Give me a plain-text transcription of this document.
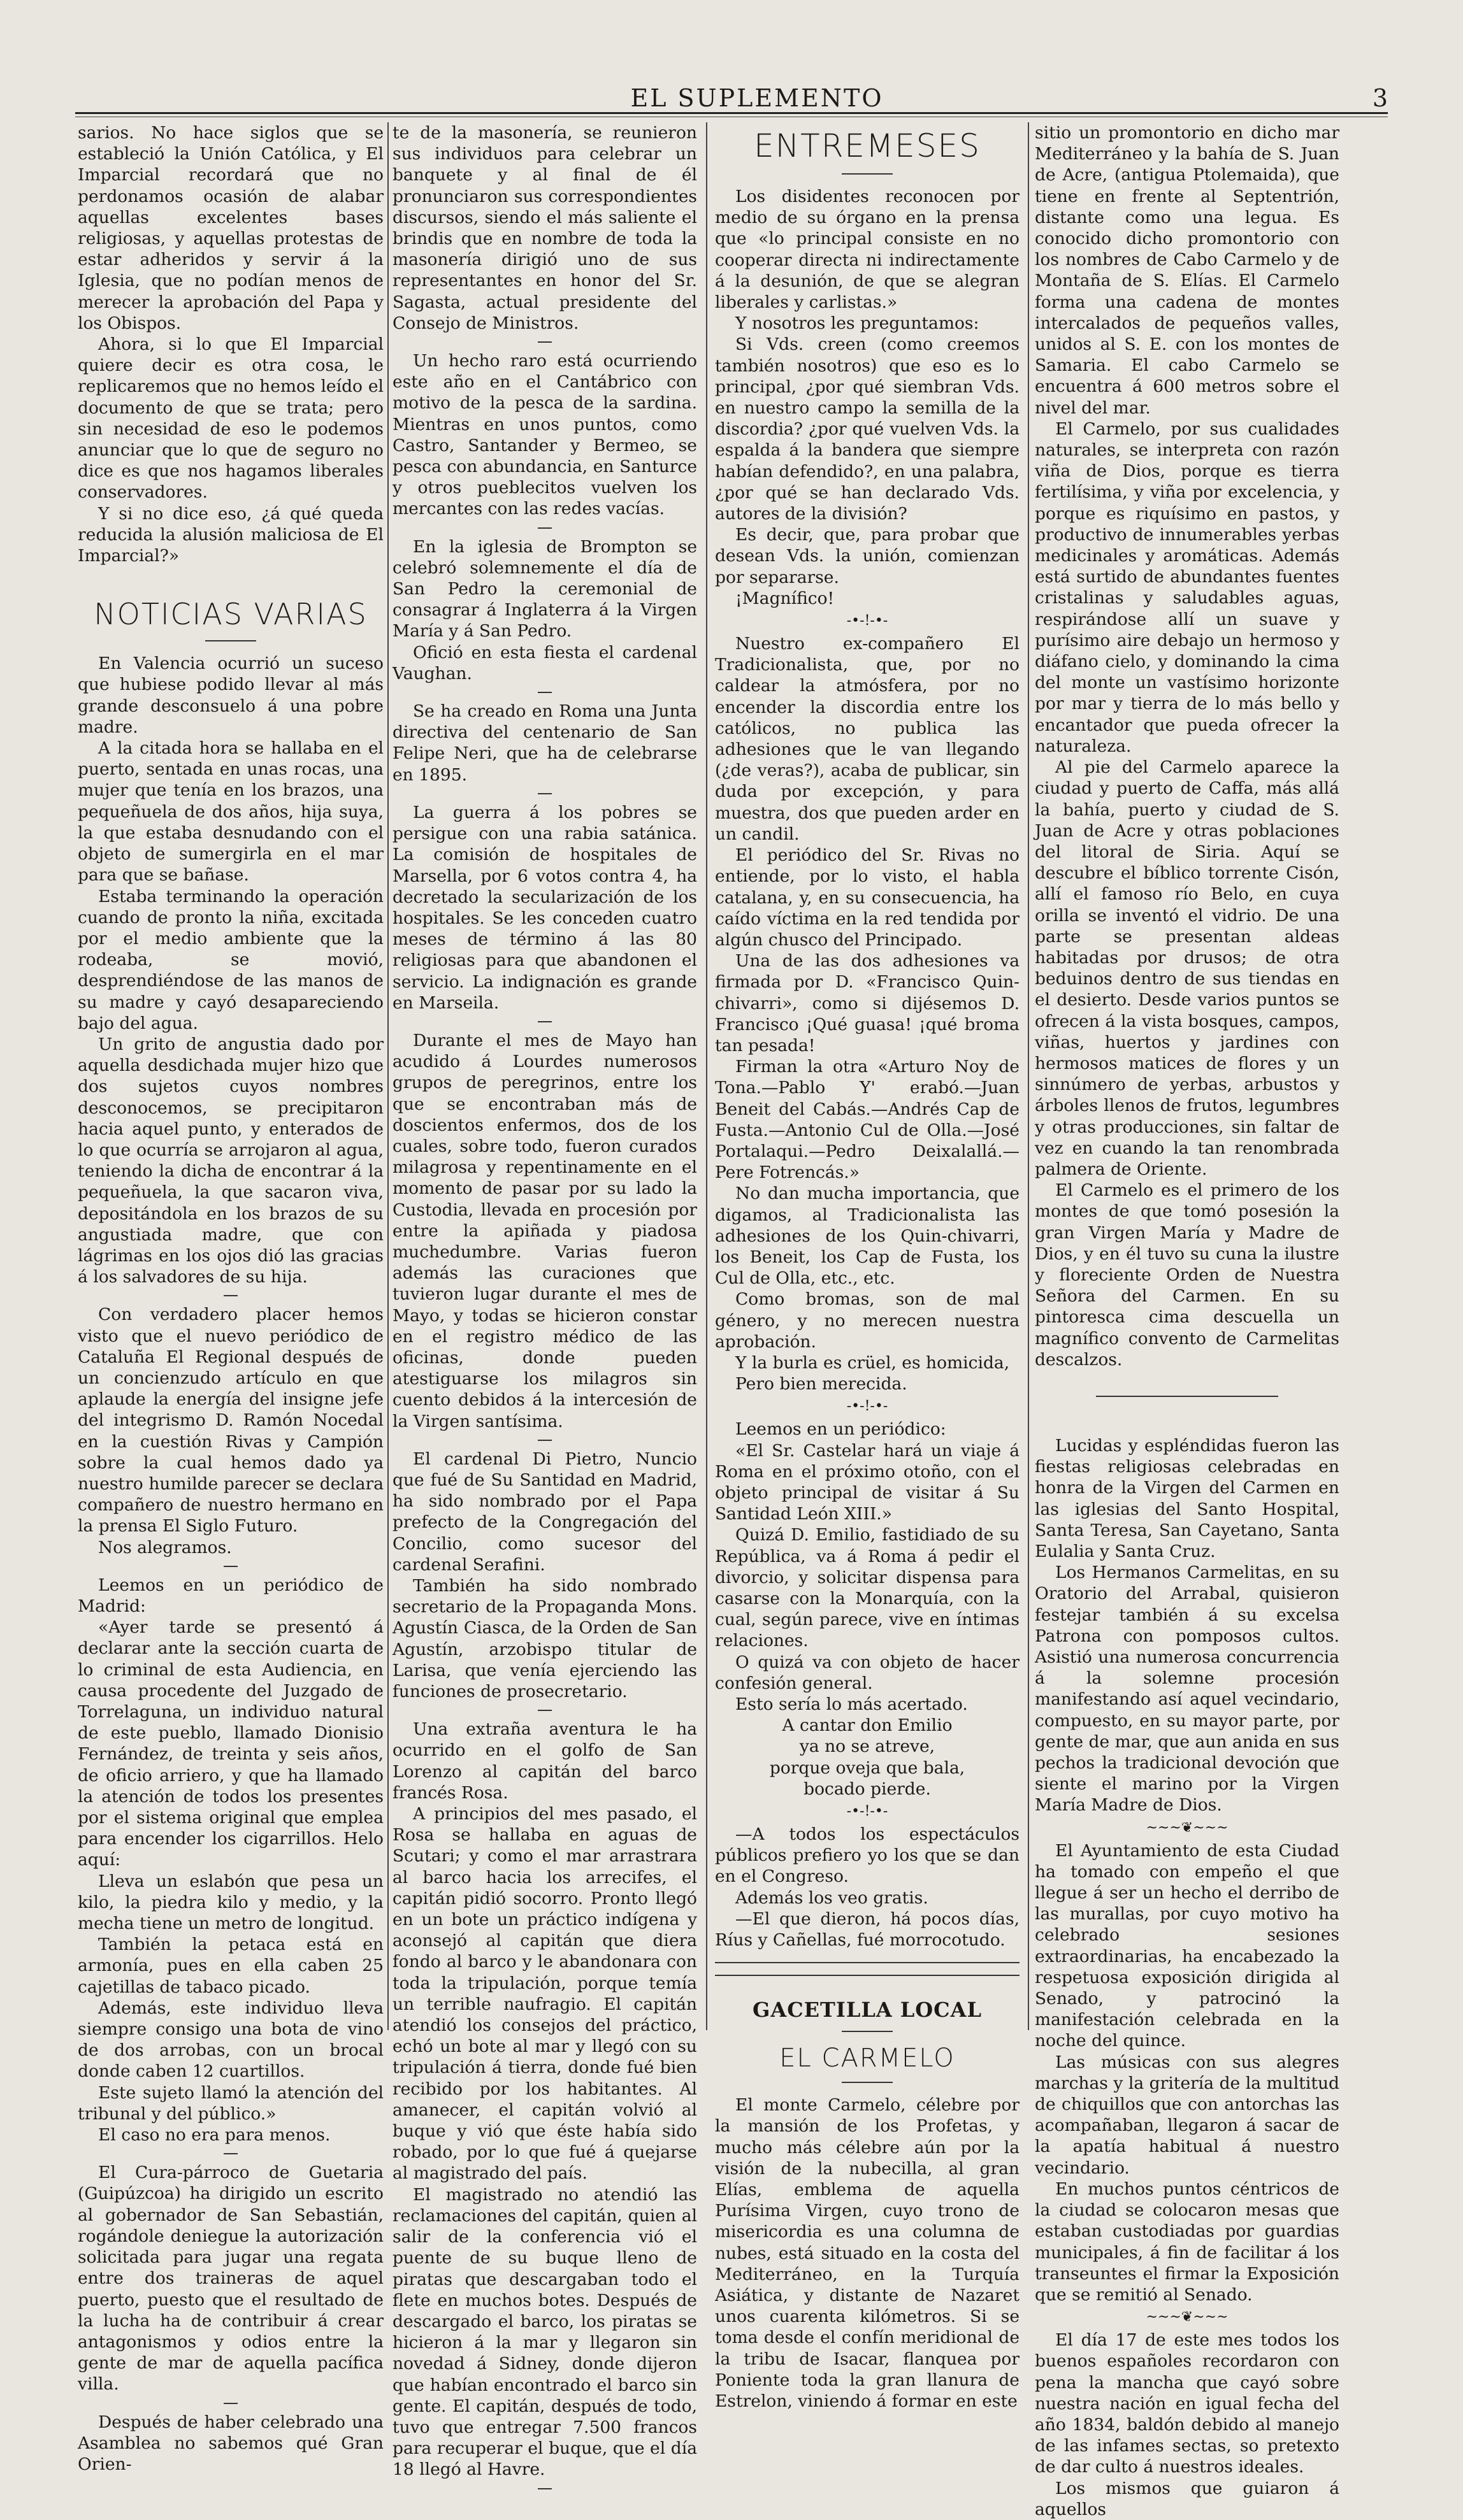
EL SUPLEMENTO	3

sarios. No hace siglos que se estableció la Unión Católica, y El Imparcial recordará que no perdonamos ocasión de alabar aquellas excelentes bases religiosas, y aquellas protestas de estar adheridos y servir á la Iglesia, que no podían menos de merecer la aprobación del Papa y los Obispos.

Ahora, si lo que El Imparcial quiere decir es otra cosa, le replicaremos que no hemos leído el documento de que se trata; pero sin necesidad de eso le podemos anunciar que lo que de seguro no dice es que nos hagamos liberales conservadores.

Y si no dice eso, ¿á qué queda reducida la alusión maliciosa de El Imparcial?»

NOTICIAS VARIAS

En Valencia ocurrió un suceso que hubiese podido llevar al más grande desconsuelo á una pobre madre.

A la citada hora se hallaba en el puerto, sentada en unas rocas, una mujer que tenía en los brazos, una pequeñuela de dos años, hija suya, la que estaba desnudando con el objeto de sumergirla en el mar para que se bañase.

Estaba terminando la operación cuando de pronto la niña, excitada por el medio ambiente que la rodeaba, se movió, desprendiéndose de las manos de su madre y cayó desapareciendo bajo del agua.

Un grito de angustia dado por aquella desdichada mujer hizo que dos sujetos cuyos nombres desconocemos, se precipitaron hacia aquel punto, y enterados de lo que ocurría se arrojaron al agua, teniendo la dicha de encontrar á la pequeñuela, la que sacaron viva, depositándola en los brazos de su angustiada madre, que con lágrimas en los ojos dió las gracias á los salvadores de su hija.

Con verdadero placer hemos visto que el nuevo periódico de Cataluña El Regional después de un concienzudo artículo en que aplaude la energía del insigne jefe del integrismo D. Ramón Nocedal en la cuestión Rivas y Campión sobre la cual hemos dado ya nuestro humilde parecer se declara compañero de nuestro hermano en la prensa El Siglo Futuro.

Nos alegramos.

Leemos en un periódico de Madrid:

«Ayer tarde se presentó á declarar ante la sección cuarta de lo criminal de esta Audiencia, en causa procedente del Juzgado de Torrelaguna, un individuo natural de este pueblo, llamado Dionisio Fernández, de treinta y seis años, de oficio arriero, y que ha llamado la atención de todos los presentes por el sistema original que emplea para encender los cigarrillos. Helo aquí:

Lleva un eslabón que pesa un kilo, la piedra kilo y medio, y la mecha tiene un metro de longitud.

También la petaca está en armonía, pues en ella caben 25 cajetillas de tabaco picado.

Además, este individuo lleva siempre consigo una bota de vino de dos arrobas, con un brocal donde caben 12 cuartillos.

Este sujeto llamó la atención del tribunal y del público.»

El caso no era para menos.

El Cura-párroco de Guetaria (Guipúzcoa) ha dirigido un escrito al gobernador de San Sebastián, rogándole deniegue la autorización solicitada para jugar una regata entre dos traineras de aquel puerto, puesto que el resultado de la lucha ha de contribuir á crear antagonismos y odios entre la gente de mar de aquella pacífica villa.

Después de haber celebrado una Asamblea no sabemos qué Gran Orien-

te de la masonería, se reunieron sus individuos para celebrar un banquete y al final de él pronunciaron sus correspondientes discursos, siendo el más saliente el brindis que en nombre de toda la masonería dirigió uno de sus representantes en honor del Sr. Sagasta, actual presidente del Consejo de Ministros.

Un hecho raro está ocurriendo este año en el Cantábrico con motivo de la pesca de la sardina. Mientras en unos puntos, como Castro, Santander y Bermeo, se pesca con abundancia, en Santurce y otros pueblecitos vuelven los mercantes con las redes vacías.

En la iglesia de Brompton se celebró solemnemente el día de San Pedro la ceremonial de consagrar á Inglaterra á la Virgen María y á San Pedro.

Ofició en esta fiesta el cardenal Vaughan.

Se ha creado en Roma una Junta directiva del centenario de San Felipe Neri, que ha de celebrarse en 1895.

La guerra á los pobres se persigue con una rabia satánica. La comisión de hospitales de Marsella, por 6 votos contra 4, ha decretado la secularización de los hospitales. Se les conceden cuatro meses de término á las 80 religiosas para que abandonen el servicio. La indignación es grande en Marseila.

Durante el mes de Mayo han acudido á Lourdes numerosos grupos de peregrinos, entre los que se encontraban más de doscientos enfermos, dos de los cuales, sobre todo, fueron curados milagrosa y repentinamente en el momento de pasar por su lado la Custodia, llevada en procesión por entre la apiñada y piadosa muchedumbre. Varias fueron además las curaciones que tuvieron lugar durante el mes de Mayo, y todas se hicieron constar en el registro médico de las oficinas, donde pueden atestiguarse los milagros sin cuento debidos á la intercesión de la Virgen santísima.

El cardenal Di Pietro, Nuncio que fué de Su Santidad en Madrid, ha sido nombrado por el Papa prefecto de la Congregación del Concilio, como sucesor del cardenal Serafini.

También ha sido nombrado secretario de la Propaganda Mons. Agustín Ciasca, de la Orden de San Agustín, arzobispo titular de Larisa, que venía ejerciendo las funciones de prosecretario.

Una extraña aventura le ha ocurrido en el golfo de San Lorenzo al capitán del barco francés Rosa.

A principios del mes pasado, el Rosa se hallaba en aguas de Scutari; y como el mar arrastrara al barco hacia los arrecifes, el capitán pidió socorro. Pronto llegó en un bote un práctico indígena y aconsejó al capitán que diera fondo al barco y le abandonara con toda la tripulación, porque temía un terrible naufragio. El capitán atendió los consejos del práctico, echó un bote al mar y llegó con su tripulación á tierra, donde fué bien recibido por los habitantes. Al amanecer, el capitán volvió al buque y vió que éste había sido robado, por lo que fué á quejarse al magistrado del país.

El magistrado no atendió las reclamaciones del capitán, quien al salir de la conferencia vió el puente de su buque lleno de piratas que descargaban todo el flete en muchos botes. Después de descargado el barco, los piratas se hicieron á la mar y llegaron sin novedad á Sidney, donde dijeron que habían encontrado el barco sin gente. El capitán, después de todo, tuvo que entregar 7.500 francos para recuperar el buque, que el día 18 llegó al Havre.

ENTREMESES

Los disidentes reconocen por medio de su órgano en la prensa que «lo principal consiste en no cooperar directa ni indirectamente á la desunión, de que se alegran liberales y carlistas.»

Y nosotros les preguntamos:

Si Vds. creen (como creemos también nosotros) que eso es lo principal, ¿por qué siembran Vds. en nuestro campo la semilla de la discordia? ¿por qué vuelven Vds. la espalda á la bandera que siempre habían defendido?, en una palabra, ¿por qué se han declarado Vds. autores de la división?

Es decir, que, para probar que desean Vds. la unión, comienzan por separarse.

¡Magnífico!

-•-!-•-

Nuestro ex-compañero El Tradicionalista, que, por no caldear la atmósfera, por no encender la discordia entre los católicos, no publica las adhesiones que le van llegando (¿de veras?), acaba de publicar, sin duda por excepción, y para muestra, dos que pueden arder en un candil.

El periódico del Sr. Rivas no entiende, por lo visto, el habla catalana, y, en su consecuencia, ha caído víctima en la red tendida por algún chusco del Principado.

Una de las dos adhesiones va firmada por D. «Francisco Quin-chivarri», como si dijésemos D. Francisco ¡Qué guasa! ¡qué broma tan pesada!

Firman la otra «Arturo Noy de Tona.—Pablo Y' erabó.—Juan Beneit del Cabás.—Andrés Cap de Fusta.—Antonio Cul de Olla.—José Portalaqui.—Pedro Deixalallá.—Pere Fotrencás.»

No dan mucha importancia, que digamos, al Tradicionalista las adhesiones de los Quin-chivarri, los Beneit, los Cap de Fusta, los Cul de Olla, etc., etc.

Como bromas, son de mal género, y no merecen nuestra aprobación.

Y la burla es crüel, es homicida,

Pero bien merecida.

-•-!-•-

Leemos en un periódico:

«El Sr. Castelar hará un viaje á Roma en el próximo otoño, con el objeto principal de visitar á Su Santidad León XIII.»

Quizá D. Emilio, fastidiado de su República, va á Roma á pedir el divorcio, y solicitar dispensa para casarse con la Monarquía, con la cual, según parece, vive en íntimas relaciones.

O quizá va con objeto de hacer confesión general.

Esto sería lo más acertado.

A cantar don Emilio

ya no se atreve,

porque oveja que bala,

bocado pierde.

-•-!-•-

—A todos los espectáculos públicos prefiero yo los que se dan en el Congreso.

Además los veo gratis.

—El que dieron, há pocos días, Ríus y Cañellas, fué morrocotudo.

GACETILLA LOCAL
EL CARMELO

El monte Carmelo, célebre por la mansión de los Profetas, y mucho más célebre aún por la visión de la nubecilla, al gran Elías, emblema de aquella Purísima Virgen, cuyo trono de misericordia es una columna de nubes, está situado en la costa del Mediterráneo, en la Turquía Asiática, y distante de Nazaret unos cuarenta kilómetros. Si se toma desde el confín meridional de la tribu de Isacar, flanquea por Poniente toda la gran llanura de Estrelon, viniendo á formar en este

sitio un promontorio en dicho mar Mediterráneo y la bahía de S. Juan de Acre, (antigua Ptolemaida), que tiene en frente al Septentrión, distante como una legua. Es conocido dicho promontorio con los nombres de Cabo Carmelo y de Montaña de S. Elías. El Carmelo forma una cadena de montes intercalados de pequeños valles, unidos al S. E. con los montes de Samaria. El cabo Carmelo se encuentra á 600 metros sobre el nivel del mar.

El Carmelo, por sus cualidades naturales, se interpreta con razón viña de Dios, porque es tierra fertilísima, y viña por excelencia, y porque es riquísimo en pastos, y productivo de innumerables yerbas medicinales y aromáticas. Además está surtido de abundantes fuentes cristalinas y saludables aguas, respirándose allí un suave y purísimo aire debajo un hermoso y diáfano cielo, y dominando la cima del monte un vastísimo horizonte por mar y tierra de lo más bello y encantador que pueda ofrecer la naturaleza.

Al pie del Carmelo aparece la ciudad y puerto de Caffa, más allá la bahía, puerto y ciudad de S. Juan de Acre y otras poblaciones del litoral de Siria. Aquí se descubre el bíblico torrente Cisón, allí el famoso río Belo, en cuya orilla se inventó el vidrio. De una parte se presentan aldeas habitadas por drusos; de otra beduinos dentro de sus tiendas en el desierto. Desde varios puntos se ofrecen á la vista bosques, campos, viñas, huertos y jardines con hermosos matices de flores y un sinnúmero de yerbas, arbustos y árboles llenos de frutos, legumbres y otras producciones, sin faltar de vez en cuando la tan renombrada palmera de Oriente.

El Carmelo es el primero de los montes de que tomó posesión la gran Virgen María y Madre de Dios, y en él tuvo su cuna la ilustre y floreciente Orden de Nuestra Señora del Carmen. En su pintoresca cima descuella un magnífico convento de Carmelitas descalzos.

Lucidas y espléndidas fueron las fiestas religiosas celebradas en honra de la Virgen del Carmen en las iglesias del Santo Hospital, Santa Teresa, San Cayetano, Santa Eulalia y Santa Cruz.

Los Hermanos Carmelitas, en su Oratorio del Arrabal, quisieron festejar también á su excelsa Patrona con pomposos cultos. Asistió una numerosa concurrencia á la solemne procesión manifestando así aquel vecindario, compuesto, en su mayor parte, por gente de mar, que aun anida en sus pechos la tradicional devoción que siente el marino por la Virgen María Madre de Dios.

~~~❦~~~

El Ayuntamiento de esta Ciudad ha tomado con empeño el que llegue á ser un hecho el derribo de las murallas, por cuyo motivo ha celebrado sesiones extraordinarias, ha encabezado la respetuosa exposición dirigida al Senado, y patrocinó la manifestación celebrada en la noche del quince.

Las músicas con sus alegres marchas y la gritería de la multitud de chiquillos que con antorchas las acompañaban, llegaron á sacar de la apatía habitual á nuestro vecindario.

En muchos puntos céntricos de la ciudad se colocaron mesas que estaban custodiadas por guardias municipales, á fin de facilitar á los transeuntes el firmar la Exposición que se remitió al Senado.

~~~❦~~~

El día 17 de este mes todos los buenos españoles recordaron con pena la mancha que cayó sobre nuestra nación en igual fecha del año 1834, baldón debido al manejo de las infames sectas, so pretexto de dar culto á nuestros ideales.

Los mismos que guiaron á aquellos
